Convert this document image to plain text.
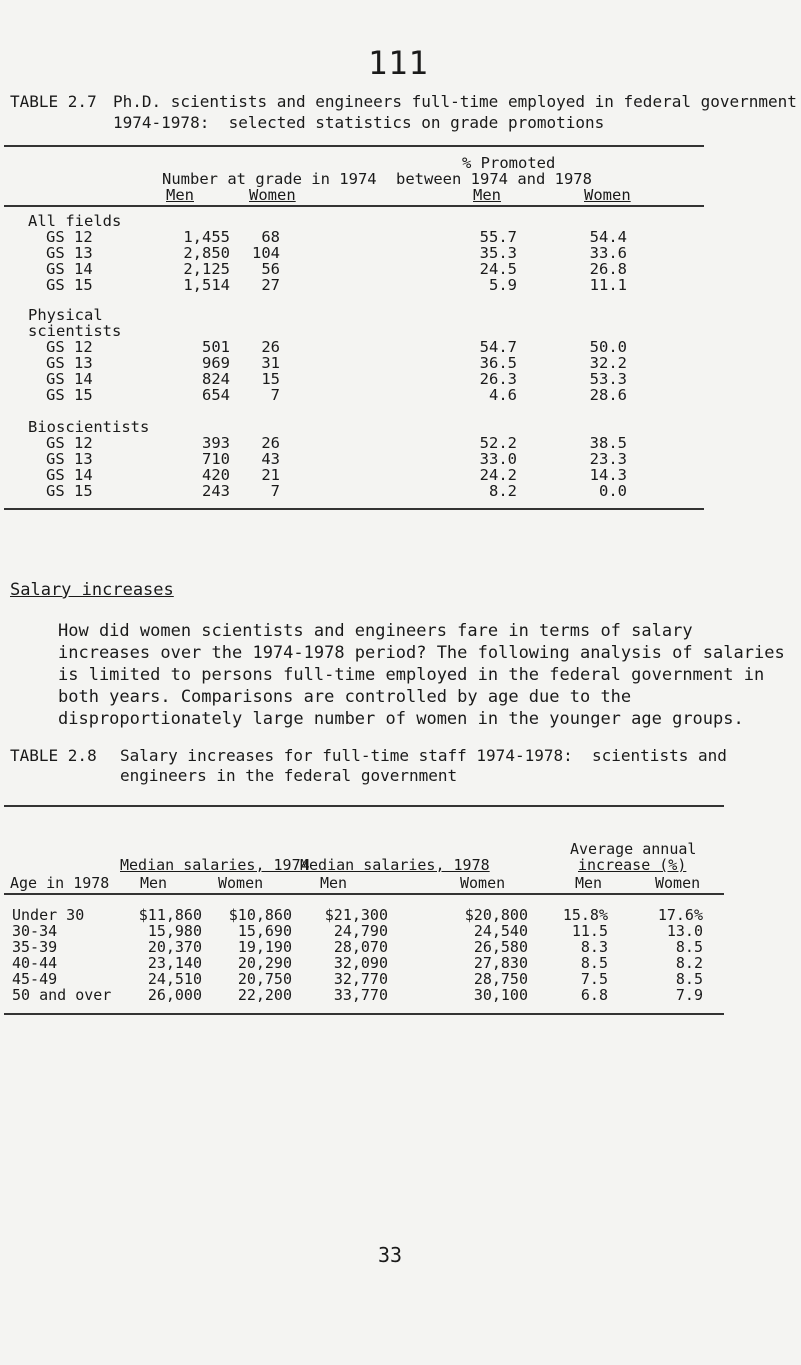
111
TABLE 2.7 Ph.D. scientists and engineers full-time employed in federal government
1974-1978:  selected statistics on grade promotions
% Promoted
Number at grade in 1974 between 1974 and 1978
Men	Women	Men	Women
All fields
GS 12	1,455	68	55.7	54.4
GS 13	2,850	104	35.3	33.6
GS 14	2,125	56	24.5	26.8
GS 15	1,514	27	5.9	11.1
Physical
scientists
GS 12	501	26	54.7	50.0
GS 13	969	31	36.5	32.2
GS 14	824	15	26.3	53.3
GS 15	654	7	4.6	28.6
Bioscientists
GS 12	393	26	52.2	38.5
GS 13	710	43	33.0	23.3
GS 14	420	21	24.2	14.3
GS 15	243	7	8.2	0.0
Salary increases
How did women scientists and engineers fare in terms of salary increases over the 1974-1978 period? The following analysis of salaries is limited to persons full-time employed in the federal government in both years. Comparisons are controlled by age due to the disproportionately large number of women in the younger age groups.
TABLE 2.8 Salary increases for full-time staff 1974-1978:  scientists and
engineers in the federal government
Average annual
Median salaries, 1974
Median salaries, 1978	increase (%)
Age in 1978 Men	Women	Men	Women	Men	Women
Under 30	$11,860	$10,860	$21,300	$20,800	15.8%	17.6%
30-34	15,980	15,690	24,790	24,540	11.5	13.0
35-39	20,370	19,190	28,070	26,580	8.3	8.5
40-44	23,140	20,290	32,090	27,830	8.5	8.2
45-49	24,510	20,750	32,770	28,750	7.5	8.5
50 and over	26,000	22,200	33,770	30,100	6.8	7.9
33
